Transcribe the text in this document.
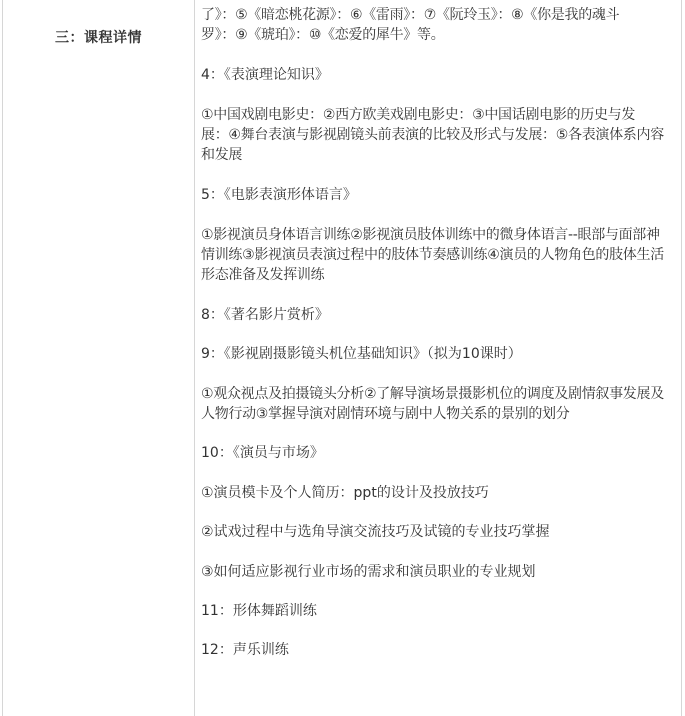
三：课程详情
了》：⑤《暗恋桃花源》：⑥《雷雨》：⑦《阮玲玉》：⑧《你是我的魂斗
罗》：⑨《琥珀》：⑩《恋爱的犀牛》等。
4：《表演理论知识》
①中国戏剧电影史：②西方欧美戏剧电影史：③中国话剧电影的历史与发
展：④舞台表演与影视剧镜头前表演的比较及形式与发展：⑤各表演体系内容
和发展
5：《电影表演形体语言》
①影视演员身体语言训练②影视演员肢体训练中的微身体语言--眼部与面部神
情训练③影视演员表演过程中的肢体节奏感训练④演员的人物角色的肢体生活
形态准备及发挥训练
8：《著名影片赏析》
9：《影视剧摄影镜头机位基础知识》（拟为10课时）
①观众视点及拍摄镜头分析②了解导演场景摄影机位的调度及剧情叙事发展及
人物行动③掌握导演对剧情环境与剧中人物关系的景别的划分
10：《演员与市场》
①演员模卡及个人简历：ppt的设计及投放技巧
②试戏过程中与选角导演交流技巧及试镜的专业技巧掌握
③如何适应影视行业市场的需求和演员职业的专业规划
11：形体舞蹈训练
12：声乐训练
